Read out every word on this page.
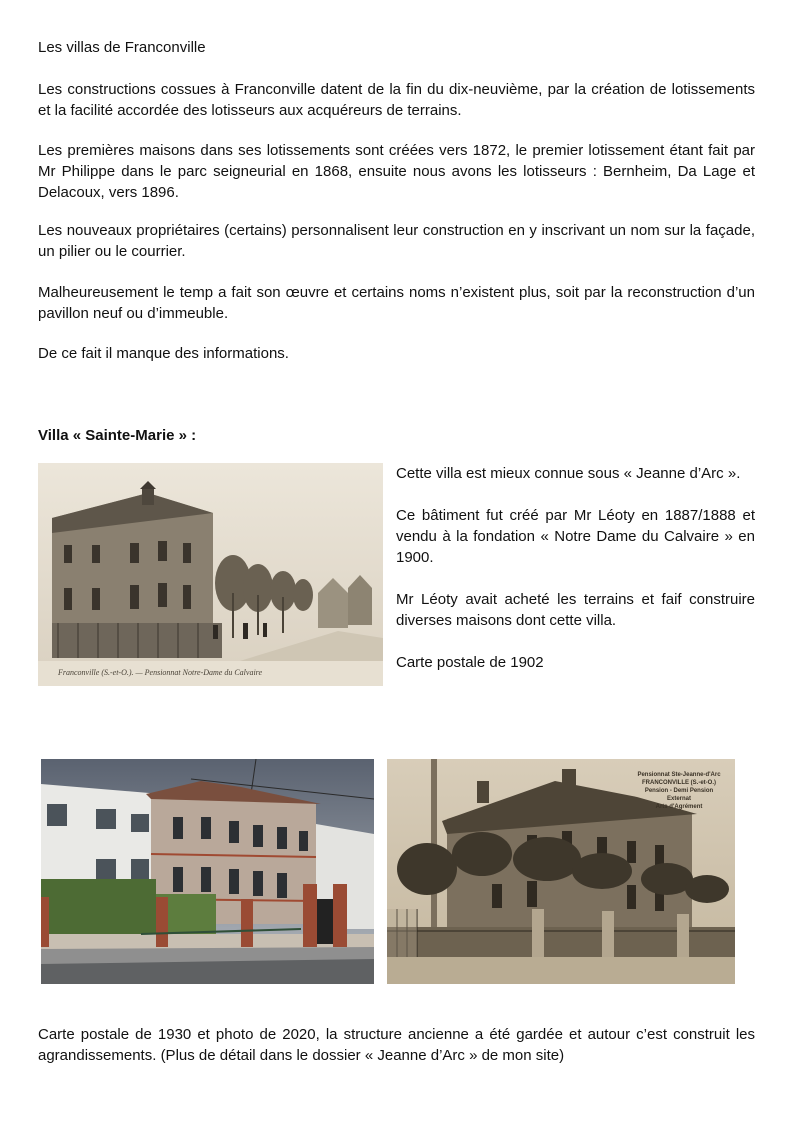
Les villas de Franconville
Les constructions cossues à Franconville datent de la fin du dix-neuvième, par la création de lotissements et la facilité accordée des lotisseurs aux acquéreurs de terrains.
Les premières maisons dans ses lotissements sont créées vers 1872, le premier lotissement étant fait par Mr Philippe dans le parc seigneurial en 1868, ensuite nous avons les lotisseurs : Bernheim, Da Lage et Delacoux, vers 1896.
Les nouveaux propriétaires (certains) personnalisent leur construction en y inscrivant un nom sur la façade, un pilier ou le courrier.
Malheureusement le temp a fait son œuvre et certains noms n’existent plus, soit par la reconstruction d’un pavillon neuf ou d’immeuble.
De ce fait il manque des informations.
Villa « Sainte-Marie » :
Franconville (S.-et-O.). — Pensionnat Notre-Dame du Calvaire

Cette villa est mieux connue sous « Jeanne d’Arc ».

Ce bâtiment fut créé par Mr Léoty en 1887/1888 et vendu à la fondation « Notre Dame du Calvaire » en 1900.

Mr Léoty avait acheté les terrains et faif construire diverses maisons dont cette villa.

Carte postale de 1902

Pensionnat Ste-Jeanne-d'Arc
FRANCONVILLE (S.-et-O.)
Pension - Demi Pension
Externat
Arts d'Agrément
Carte postale de 1930 et photo de 2020, la structure ancienne a été gardée et autour c’est construit les agrandissements. (Plus de détail dans le dossier « Jeanne d’Arc » de mon site)
